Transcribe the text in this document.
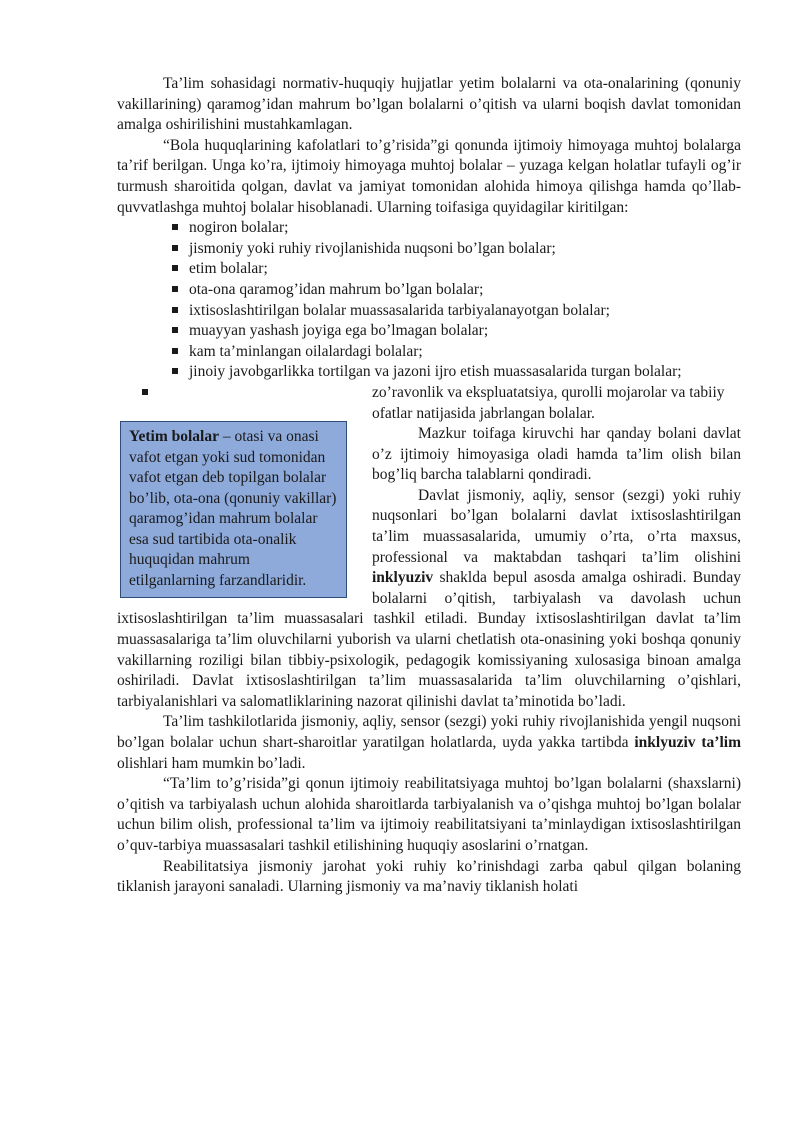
Ta’lim sohasidagi normativ-huquqiy hujjatlar yetim bolalarni va ota-onalarining (qonuniy vakillarining) qaramog’idan mahrum bo’lgan bolalarni o’qitish va ularni boqish davlat tomonidan amalga oshirilishini mustahkamlagan.

“Bola huquqlarining kafolatlari to’g’risida”gi qonunda ijtimoiy himoyaga muhtoj bolalarga ta’rif berilgan. Unga ko’ra, ijtimoiy himoyaga muhtoj bolalar – yuzaga kelgan holatlar tufayli og’ir turmush sharoitida qolgan, davlat va jamiyat tomonidan alohida himoya qilishga hamda qo’llab-quvvatlashga muhtoj bolalar hisoblanadi. Ularning toifasiga quyidagilar kiritilgan:

nogiron bolalar;
jismoniy yoki ruhiy rivojlanishida nuqsoni bo’lgan bolalar;
etim bolalar;
ota-ona qaramog’idan mahrum bo’lgan bolalar;
ixtisoslashtirilgan bolalar muassasalarida tarbiyalanayotgan bolalar;
muayyan yashash joyiga ega bo’lmagan bolalar;
kam ta’minlangan oilalardagi bolalar;
jinoiy javobgarlikka tortilgan va jazoni ijro etish muassasalarida turgan bolalar;
Yetim bolalar – otasi va onasi vafot etgan yoki sud tomonidan vafot etgan deb topilgan bolalar bo’lib, ota-ona (qonuniy vakillar) qaramog’idan mahrum bolalar esa sud tartibida ota-onalik huquqidan mahrum etilganlarning farzandlaridir.
zo’ravonlik va ekspluatatsiya, qurolli mojarolar va tabiiy ofatlar natijasida jabrlangan bolalar.

Mazkur toifaga kiruvchi har qanday bolani davlat o’z ijtimoiy himoyasiga oladi hamda ta’lim olish bilan bog’liq barcha talablarni qondiradi.

Davlat jismoniy, aqliy, sensor (sezgi) yoki ruhiy nuqsonlari bo’lgan bolalarni davlat ixtisoslashtirilgan ta’lim muassasalarida, umumiy o’rta, o’rta maxsus, professional va maktabdan tashqari ta’lim olishini inklyuziv shaklda bepul asosda amalga oshiradi. Bunday bolalarni o’qitish, tarbiyalash va davolash uchun ixtisoslashtirilgan ta’lim muassasalari tashkil etiladi. Bunday ixtisoslashtirilgan davlat ta’lim muassasalariga ta’lim oluvchilarni yuborish va ularni chetlatish ota-onasining yoki boshqa qonuniy vakillarning roziligi bilan tibbiy-psixologik, pedagogik komissiyaning xulosasiga binoan amalga oshiriladi. Davlat ixtisoslashtirilgan ta’lim muassasalarida ta’lim oluvchilarning o’qishlari, tarbiyalanishlari va salomatliklarining nazorat qilinishi davlat ta’minotida bo’ladi.

Ta’lim tashkilotlarida jismoniy, aqliy, sensor (sezgi) yoki ruhiy rivojlanishida yengil nuqsoni bo’lgan bolalar uchun shart-sharoitlar yaratilgan holatlarda, uyda yakka tartibda inklyuziv ta’lim olishlari ham mumkin bo’ladi.

“Ta’lim to’g’risida”gi qonun ijtimoiy reabilitatsiyaga muhtoj bo’lgan bolalarni (shaxslarni) o’qitish va tarbiyalash uchun alohida sharoitlarda tarbiyalanish va o’qishga muhtoj bo’lgan bolalar uchun bilim olish, professional ta’lim va ijtimoiy reabilitatsiyani ta’minlaydigan ixtisoslashtirilgan o’quv-tarbiya muassasalari tashkil etilishining huquqiy asoslarini o’rnatgan.

Reabilitatsiya jismoniy jarohat yoki ruhiy ko’rinishdagi zarba qabul qilgan bolaning tiklanish jarayoni sanaladi. Ularning jismoniy va ma’naviy tiklanish holati
